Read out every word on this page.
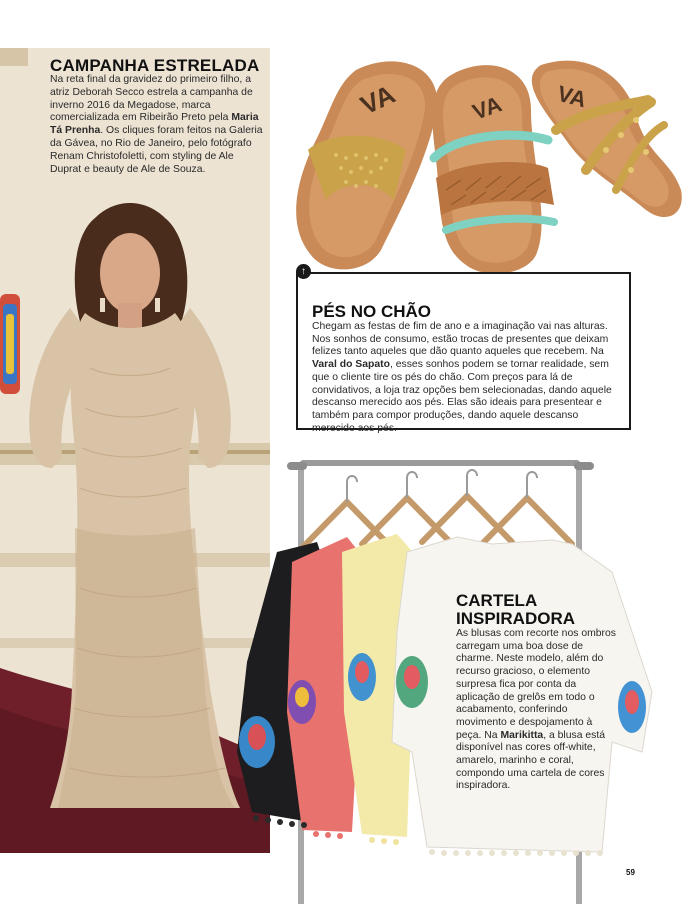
CAMPANHA ESTRELADA

Na reta final da gravidez do primeiro filho, a atriz Deborah Secco estrela a campanha de inverno 2016 da Megadose, marca comercializada em Ribeirão Preto pela Maria Tá Prenha. Os cliques foram feitos na Galeria da Gávea, no Rio de Janeiro, pelo fotógrafo Renam Christofoletti, com styling de Ale Duprat e beauty de Ale de Souza.

VA	VA VA
↑
PÉS NO CHÃO

Chegam as festas de fim de ano e a imaginação vai nas alturas. Nos sonhos de consumo, estão trocas de presentes que deixam felizes tanto aqueles que dão quanto aqueles que recebem. Na Varal do Sapato, esses sonhos podem se tornar realidade, sem que o cliente tire os pés do chão. Com preços para lá de convidativos, a loja traz opções bem selecionadas, dando aquele descanso merecido aos pés. Elas são ideais para presentear e também para compor produções, dando aquele descanso merecido aos pés.

CARTELA
INSPIRADORA

As blusas com recorte nos ombros carregam uma boa dose de charme. Neste modelo, além do recurso gracioso, o elemento surpresa fica por conta da aplicação de grelôs em todo o acabamento, conferindo movimento e despojamento à peça. Na Marikitta, a blusa está disponível nas cores off-white, amarelo, marinho e coral, compondo uma cartela de cores inspiradora.

59
